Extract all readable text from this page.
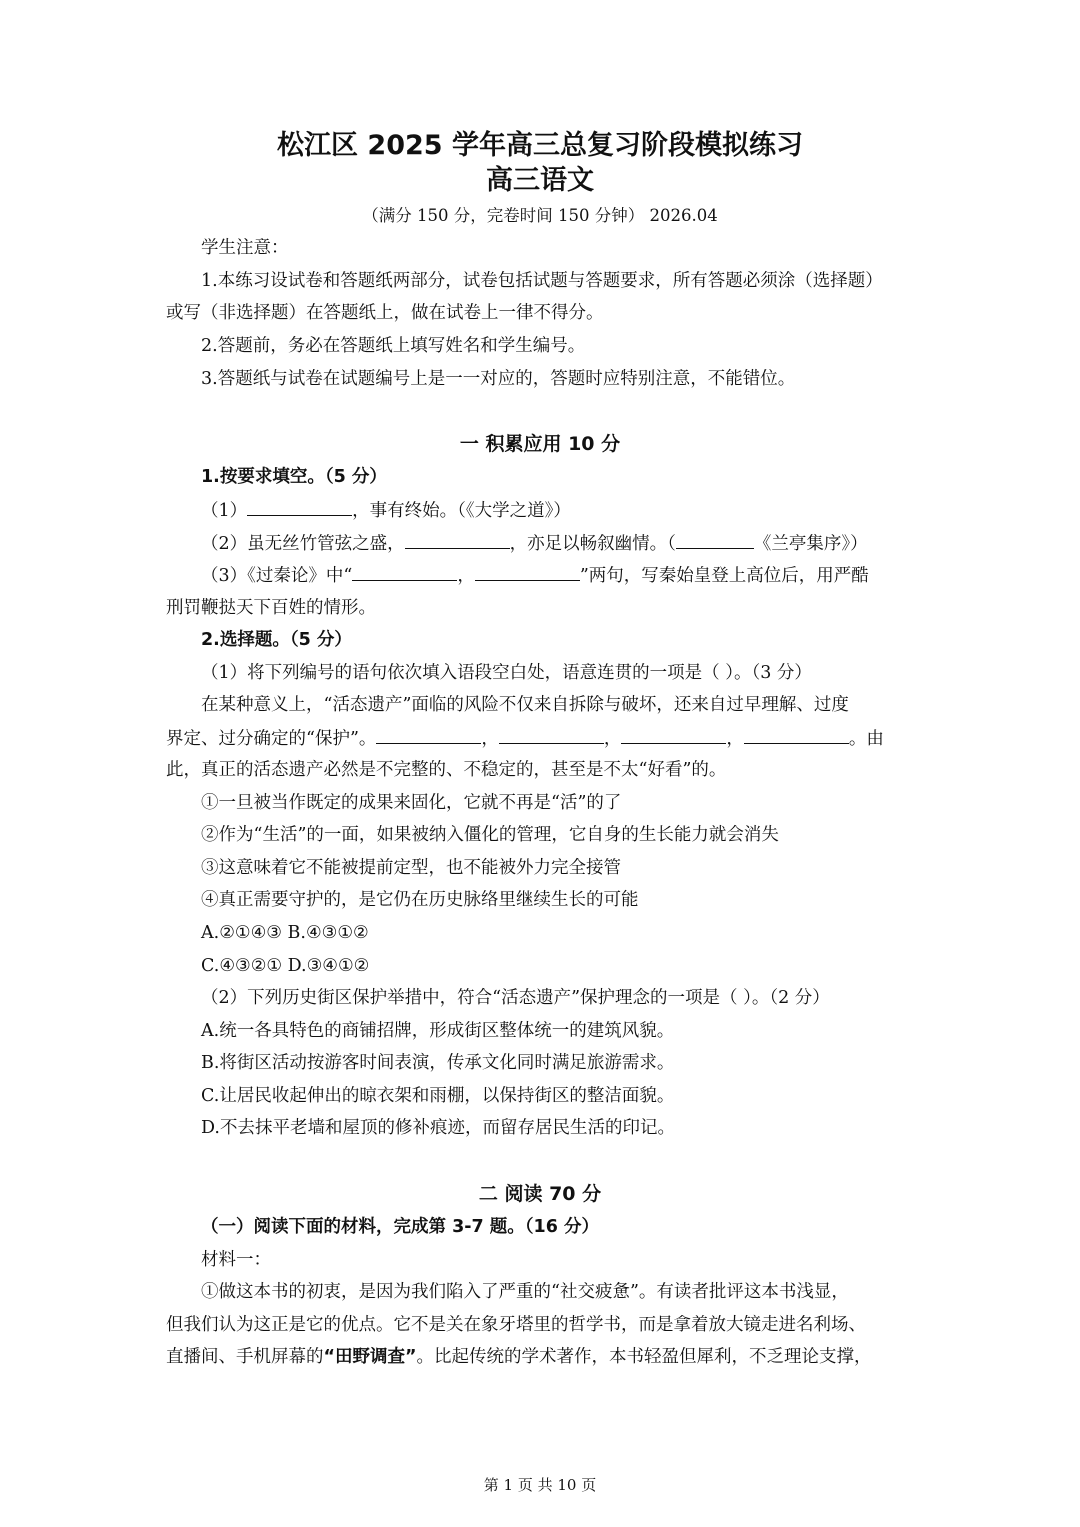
松江区 2025 学年高三总复习阶段模拟练习
高三语文
（满分 150 分，完卷时间 150 分钟） 2026.04
学生注意：
1.本练习设试卷和答题纸两部分，试卷包括试题与答题要求，所有答题必须涂（选择题）
或写（非选择题）在答题纸上，做在试卷上一律不得分。
2.答题前，务必在答题纸上填写姓名和学生编号。
3.答题纸与试卷在试题编号上是一一对应的，答题时应特别注意，不能错位。
一 积累应用 10 分
1.按要求填空。（5 分）
（1）	，事有终始。（《大学之道》）
（2）虽无丝竹管弦之盛，	，亦足以畅叙幽情。（	《兰亭集序》）
（3）《过秦论》中“	，	”两句，写秦始皇登上高位后，用严酷
刑罚鞭挞天下百姓的情形。
2.选择题。（5 分）
（1）将下列编号的语句依次填入语段空白处，语意连贯的一项是（ ）。（3 分）
在某种意义上，“活态遗产”面临的风险不仅来自拆除与破坏，还来自过早理解、过度
界定、过分确定的“保护”。	，	，	，	。由
此，真正的活态遗产必然是不完整的、不稳定的，甚至是不太“好看”的。
①一旦被当作既定的成果来固化，它就不再是“活”的了
②作为“生活”的一面，如果被纳入僵化的管理，它自身的生长能力就会消失
③这意味着它不能被提前定型，也不能被外力完全接管
④真正需要守护的，是它仍在历史脉络里继续生长的可能
A.②①④③ B.④③①②
C.④③②① D.③④①②
（2）下列历史街区保护举措中，符合“活态遗产”保护理念的一项是（ ）。（2 分）
A.统一各具特色的商铺招牌，形成街区整体统一的建筑风貌。
B.将街区活动按游客时间表演，传承文化同时满足旅游需求。
C.让居民收起伸出的晾衣架和雨棚，以保持街区的整洁面貌。
D.不去抹平老墙和屋顶的修补痕迹，而留存居民生活的印记。
二 阅读 70 分
（一）阅读下面的材料，完成第 3-7 题。（16 分）
材料一：
①做这本书的初衷，是因为我们陷入了严重的“社交疲惫”。有读者批评这本书浅显，
但我们认为这正是它的优点。它不是关在象牙塔里的哲学书，而是拿着放大镜走进名利场、
直播间、手机屏幕的“田野调查”。比起传统的学术著作，本书轻盈但犀利，不乏理论支撑，
第 1 页 共 10 页
